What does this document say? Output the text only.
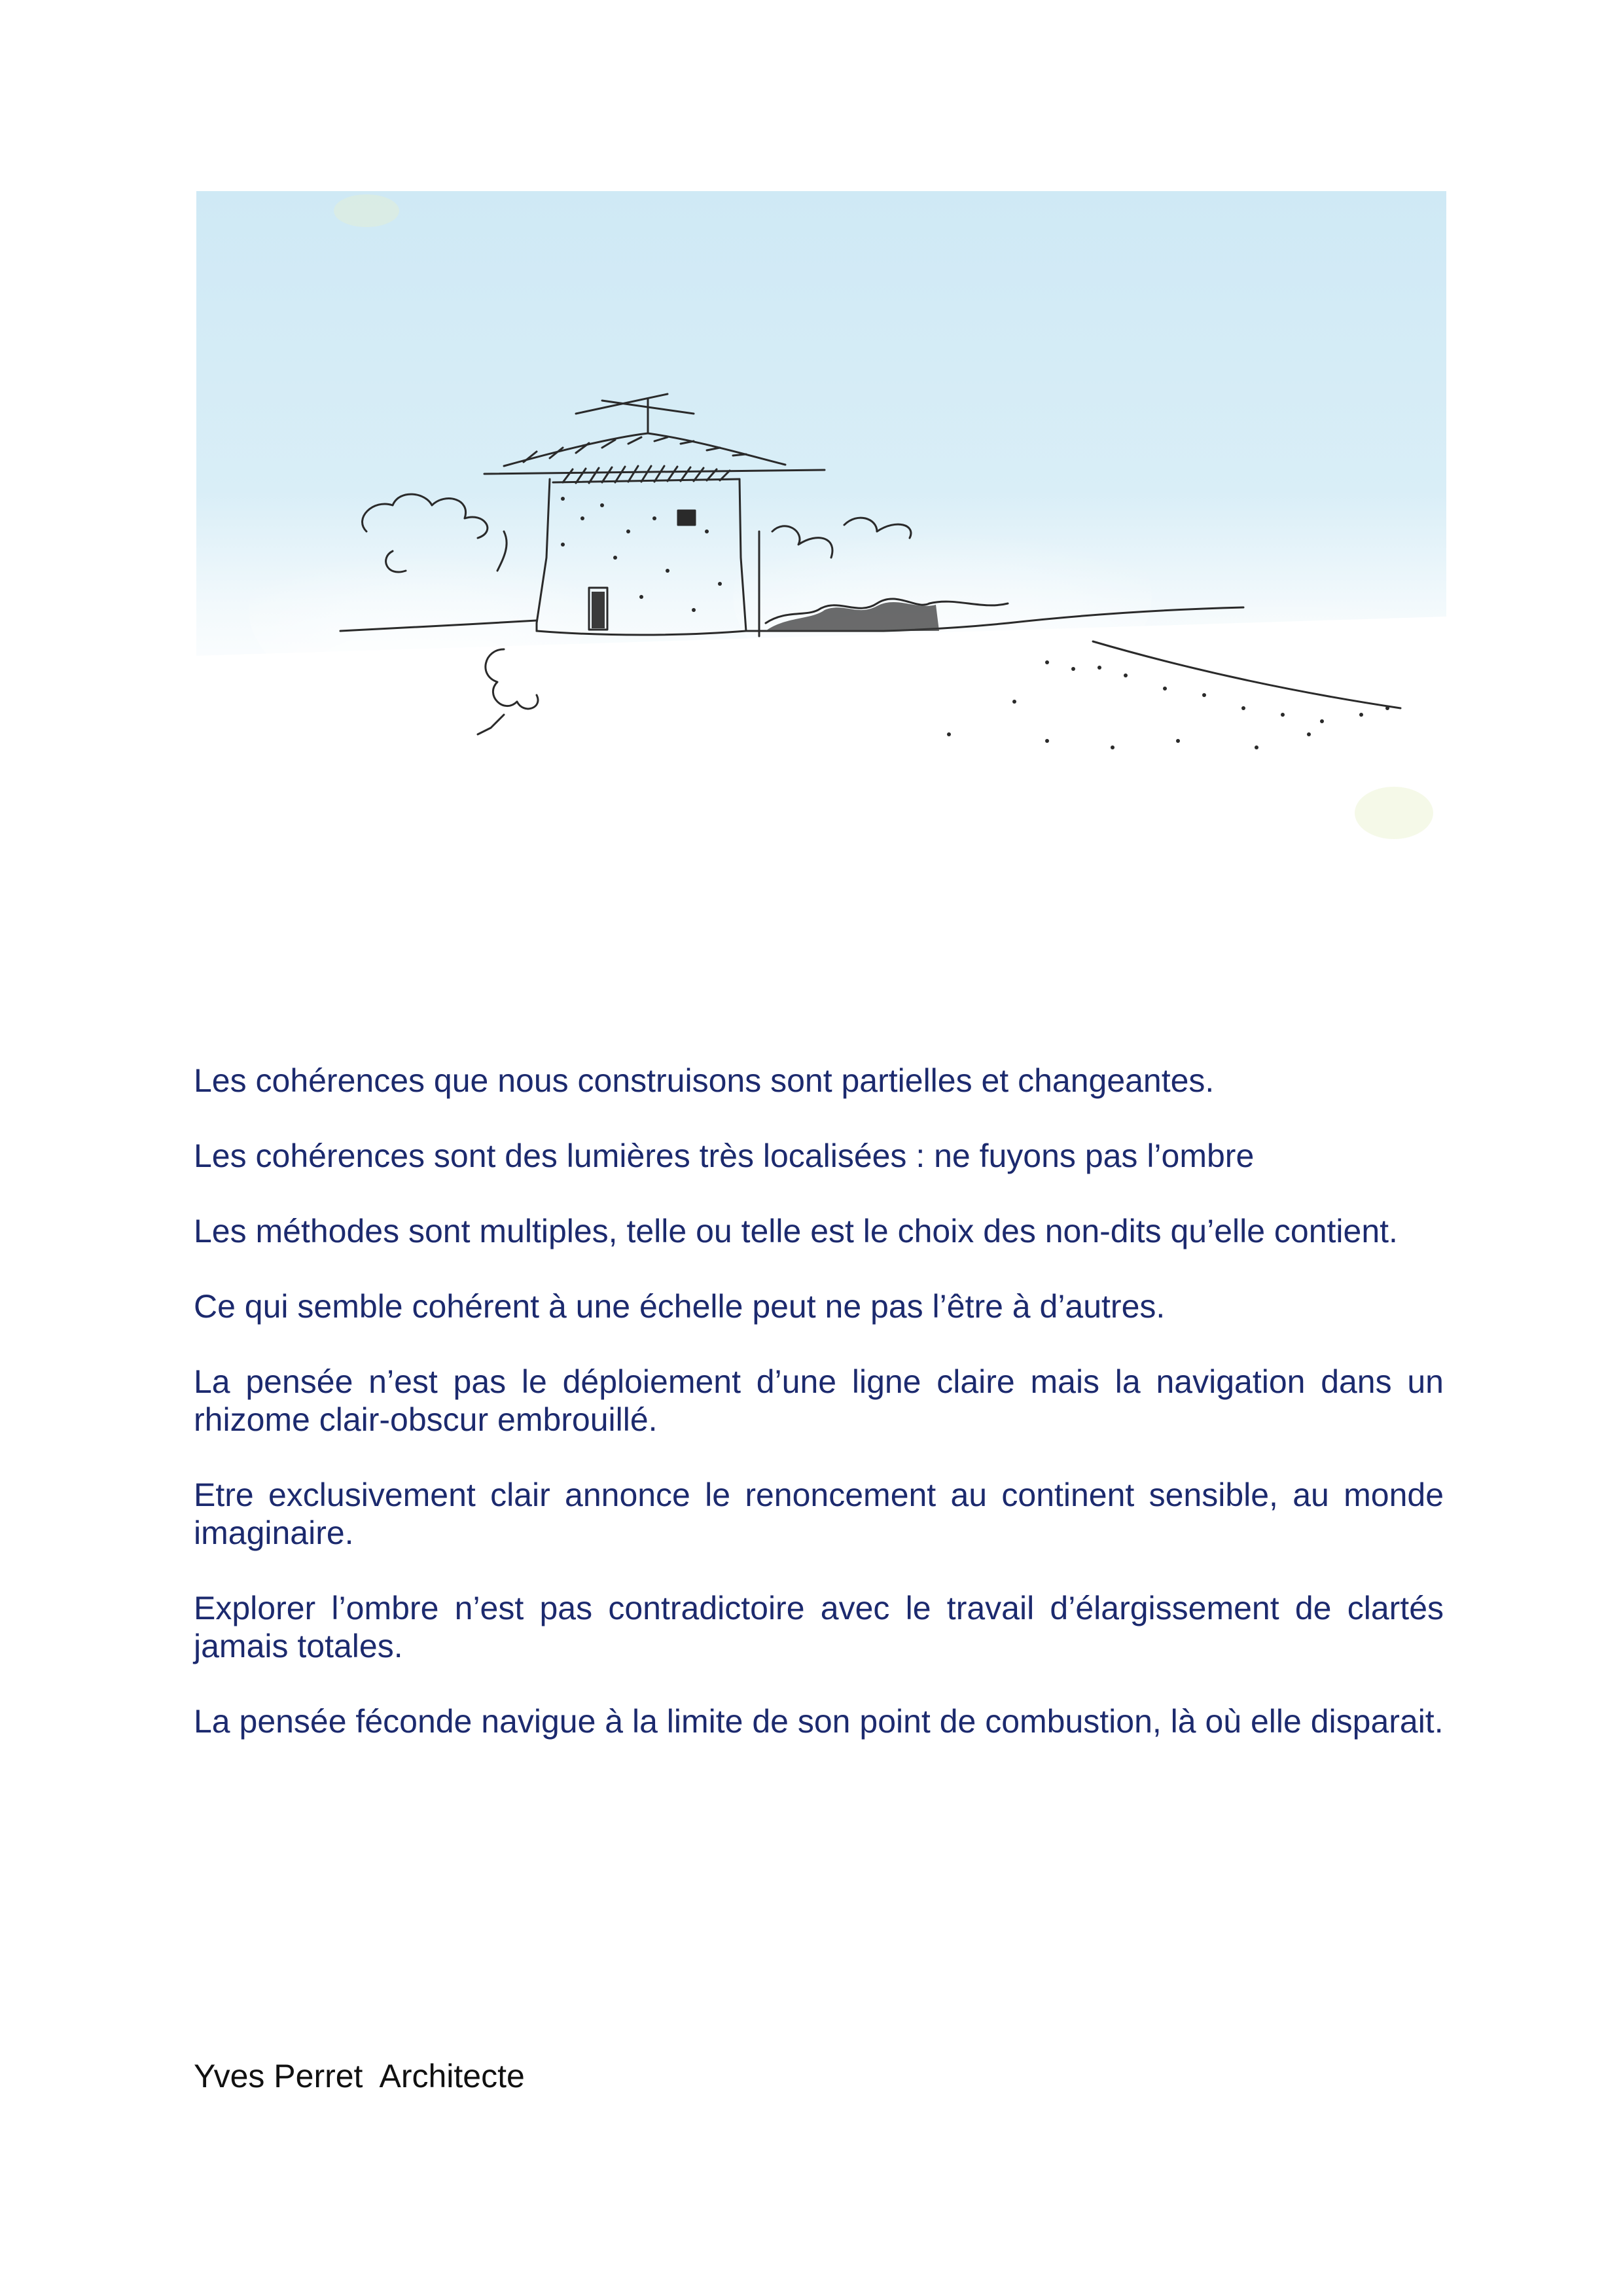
Les cohérences que nous construisons sont partielles et changeantes.

Les cohérences sont des lumières très localisées : ne fuyons pas l’ombre

Les méthodes sont multiples, telle ou telle est le choix des non-dits qu’elle contient.

Ce qui semble cohérent à une échelle peut ne pas l’être à d’autres.

La pensée n’est pas le déploiement d’une ligne claire mais la navigation dans un rhizome clair-obscur embrouillé.

Etre exclusivement clair annonce le renoncement au continent sensible, au monde imaginaire.

Explorer l’ombre n’est pas contradictoire avec le travail d’élargissement de clartés jamais totales.

La pensée féconde navigue à la limite de son point de combustion, là où elle disparait.

Yves Perret  Architecte
